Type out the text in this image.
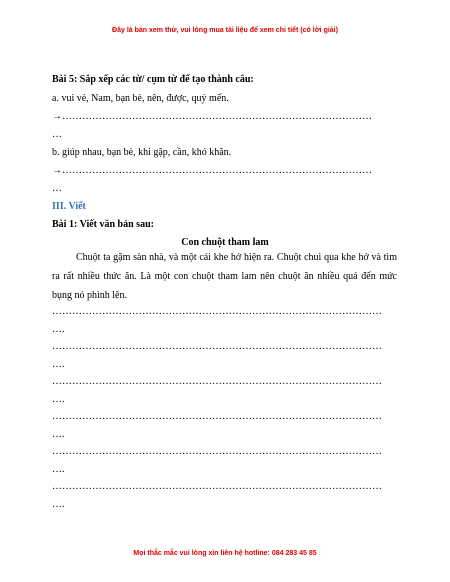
Đây là bản xem thử, vui lòng mua tài liệu để xem chi tiết (có lời giải)
Bài 5: Sắp xếp các từ/ cụm từ để tạo thành câu:
a. vui vẻ, Nam, bạn bè, nên, được, quý mến.
→…………………………………………………………………………………
…
b. giúp nhau, bạn bè, khi gặp, cần, khó khăn.
→…………………………………………………………………………………
…
III. Viết
Bài 1: Viết văn bản sau:
Con chuột tham lam
Chuột ta gặm sàn nhà, và một cái khe hở hiện ra. Chuột chui qua khe hở và tìm ra rất nhiều thức ăn. Là một con chuột tham lam nên chuột ăn nhiều quá đến mức bụng nó phình lên.
………………………………………………………………………………………
….
………………………………………………………………………………………
….
………………………………………………………………………………………
….
………………………………………………………………………………………
….
………………………………………………………………………………………
….
………………………………………………………………………………………
….
Mọi thắc mắc vui lòng xin liên hệ hotline: 084 283 45 85
